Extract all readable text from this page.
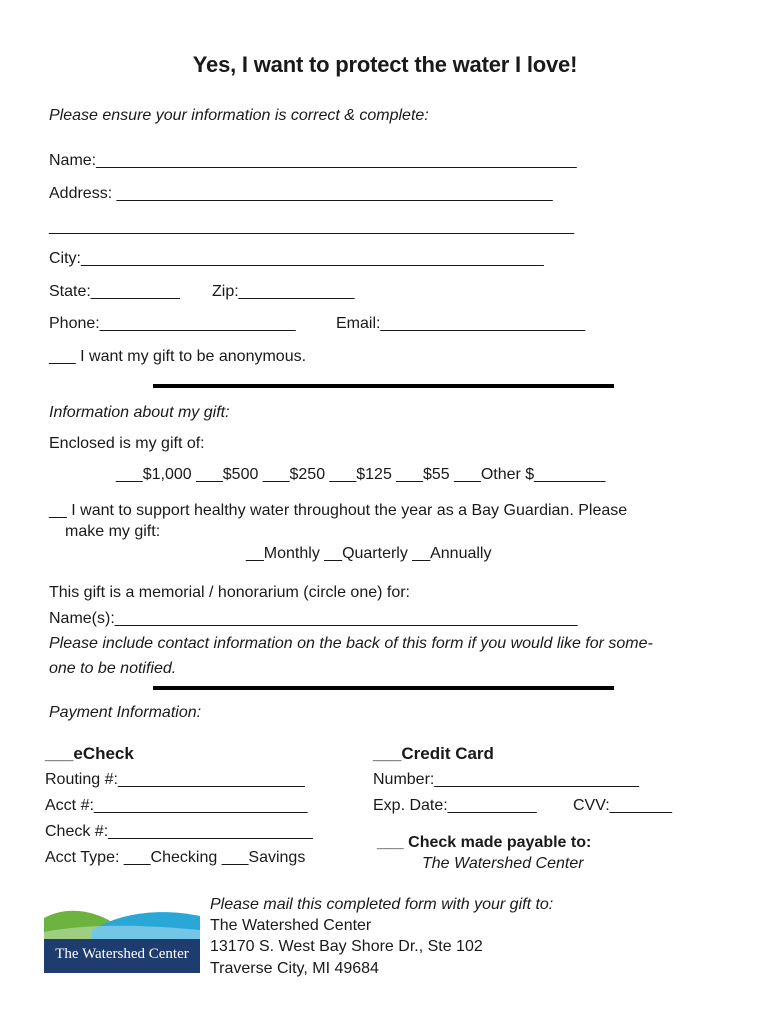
Yes, I want to protect the water I love!
Please ensure your information is correct & complete:
Name:______________________________________________________
Address: _________________________________________________
___________________________________________________________
City:____________________________________________________
State:__________ Zip:_____________
Phone:______________________	Email:_______________________
___ I want my gift to be anonymous.
Information about my gift:
Enclosed is my gift of:
___$1,000 ___$500 ___$250 ___$125 ___$55 ___Other $________
__ I want to support healthy water throughout the year as a Bay Guardian. Please
make my gift:
__Monthly __Quarterly __Annually
This gift is a memorial / honorarium (circle one) for:
Name(s):____________________________________________________
Please include contact information on the back of this form if you would like for some-
one to be notified.
Payment Information:
___eCheck
Routing #:_____________________
Acct #:________________________
Check #:_______________________
Acct Type: ___Checking ___Savings
___Credit Card
Number:_______________________
Exp. Date:__________ CVV:_______
___ Check made payable to:
The Watershed Center
The Watershed Center
GRAND TRAVERSE BAY
Please mail this completed form with your gift to:
The Watershed Center
13170 S. West Bay Shore Dr., Ste 102
Traverse City, MI 49684
